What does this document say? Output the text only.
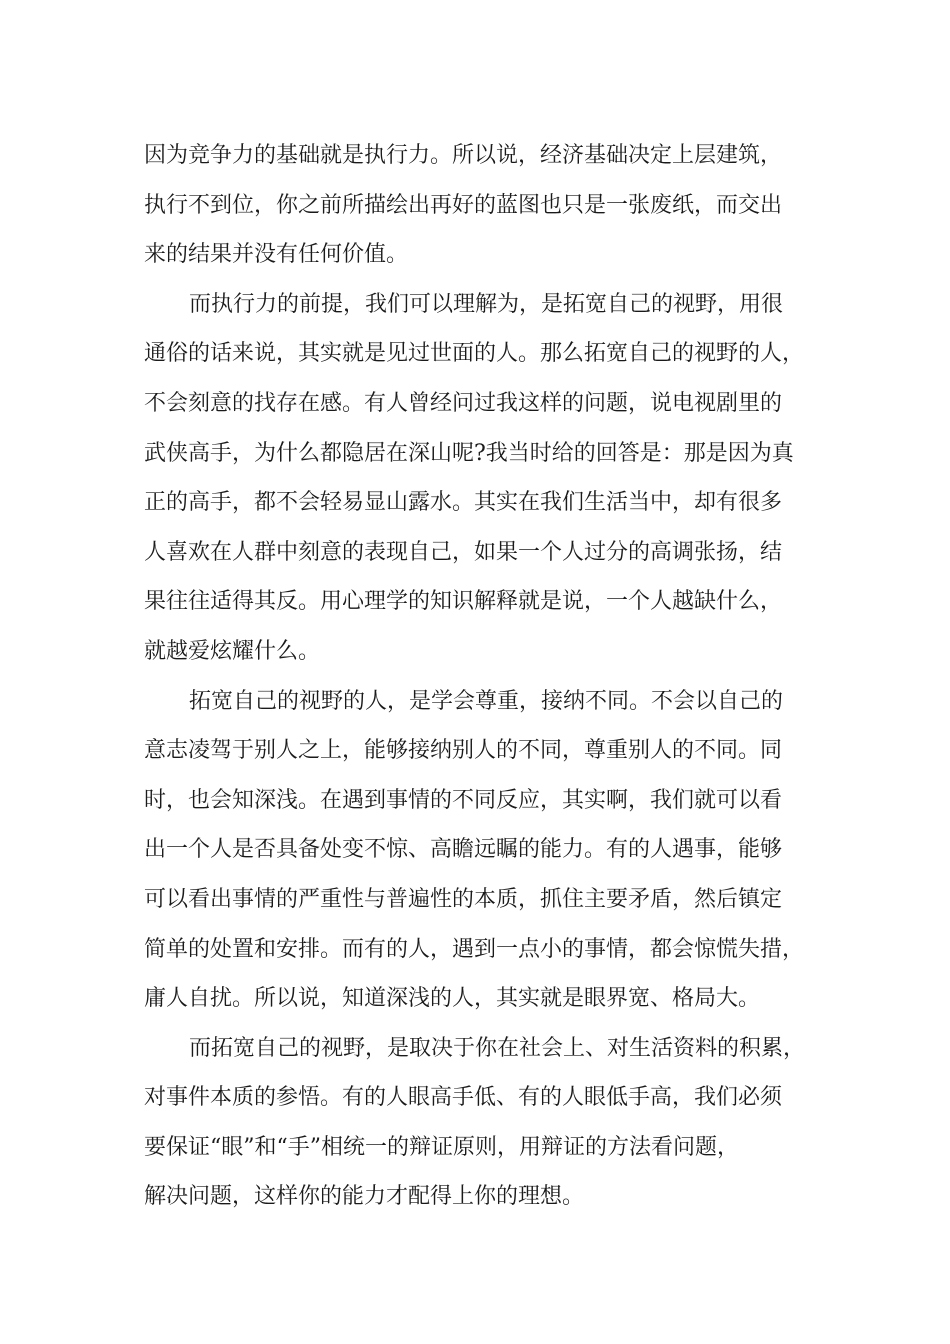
因为竞争力的基础就是执行力。所以说，经济基础决定上层建筑，
执行不到位，你之前所描绘出再好的蓝图也只是一张废纸，而交出
来的结果并没有任何价值。

而执行力的前提，我们可以理解为，是拓宽自己的视野，用很
通俗的话来说，其实就是见过世面的人。那么拓宽自己的视野的人，
不会刻意的找存在感。有人曾经问过我这样的问题，说电视剧里的
武侠高手，为什么都隐居在深山呢?我当时给的回答是：那是因为真
正的高手，都不会轻易显山露水。其实在我们生活当中，却有很多
人喜欢在人群中刻意的表现自己，如果一个人过分的高调张扬，结
果往往适得其反。用心理学的知识解释就是说，一个人越缺什么，
就越爱炫耀什么。

拓宽自己的视野的人，是学会尊重，接纳不同。不会以自己的
意志凌驾于别人之上，能够接纳别人的不同，尊重别人的不同。同
时，也会知深浅。在遇到事情的不同反应，其实啊，我们就可以看
出一个人是否具备处变不惊、高瞻远瞩的能力。有的人遇事，能够
可以看出事情的严重性与普遍性的本质，抓住主要矛盾，然后镇定
简单的处置和安排。而有的人，遇到一点小的事情，都会惊慌失措，
庸人自扰。所以说，知道深浅的人，其实就是眼界宽、格局大。

而拓宽自己的视野，是取决于你在社会上、对生活资料的积累，
对事件本质的参悟。有的人眼高手低、有的人眼低手高，我们必须
要保证“眼”和“手”相统一的辩证原则，用辩证的方法看问题，
解决问题，这样你的能力才配得上你的理想。
